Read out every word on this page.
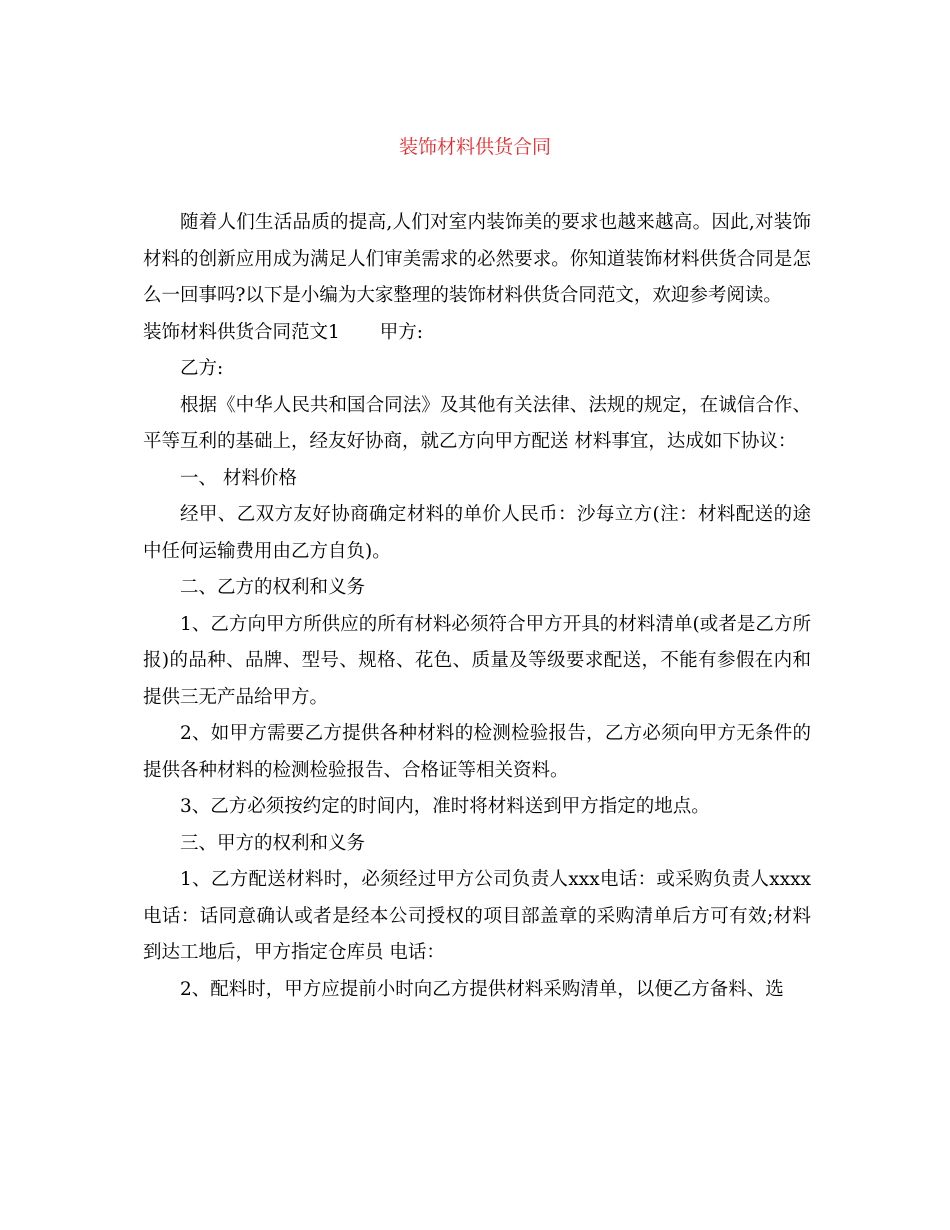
装饰材料供货合同

随着人们生活品质的提高,人们对室内装饰美的要求也越来越高。因此,对装饰材料的创新应用成为满足人们审美需求的必然要求。你知道装饰材料供货合同是怎么一回事吗?以下是小编为大家整理的装饰材料供货合同范文，欢迎参考阅读。

装饰材料供货合同范文1 甲方:

乙方:

根据《中华人民共和国合同法》及其他有关法律、法规的规定，在诚信合作、平等互利的基础上，经友好协商，就乙方向甲方配送 材料事宜，达成如下协议：

一、 材料价格

经甲、乙双方友好协商确定材料的单价人民币：沙每立方(注：材料配送的途中任何运输费用由乙方自负)。

二、乙方的权利和义务

1、乙方向甲方所供应的所有材料必须符合甲方开具的材料清单(或者是乙方所报)的品种、品牌、型号、规格、花色、质量及等级要求配送，不能有参假在内和提供三无产品给甲方。

2、如甲方需要乙方提供各种材料的检测检验报告，乙方必须向甲方无条件的提供各种材料的检测检验报告、合格证等相关资料。

3、乙方必须按约定的时间内，准时将材料送到甲方指定的地点。

三、甲方的权利和义务

1、乙方配送材料时，必须经过甲方公司负责人xxx电话：或采购负责人xxxx电话：话同意确认或者是经本公司授权的项目部盖章的采购清单后方可有效;材料到达工地后，甲方指定仓库员 电话：

2、配料时，甲方应提前小时向乙方提供材料采购清单，以便乙方备料、选
